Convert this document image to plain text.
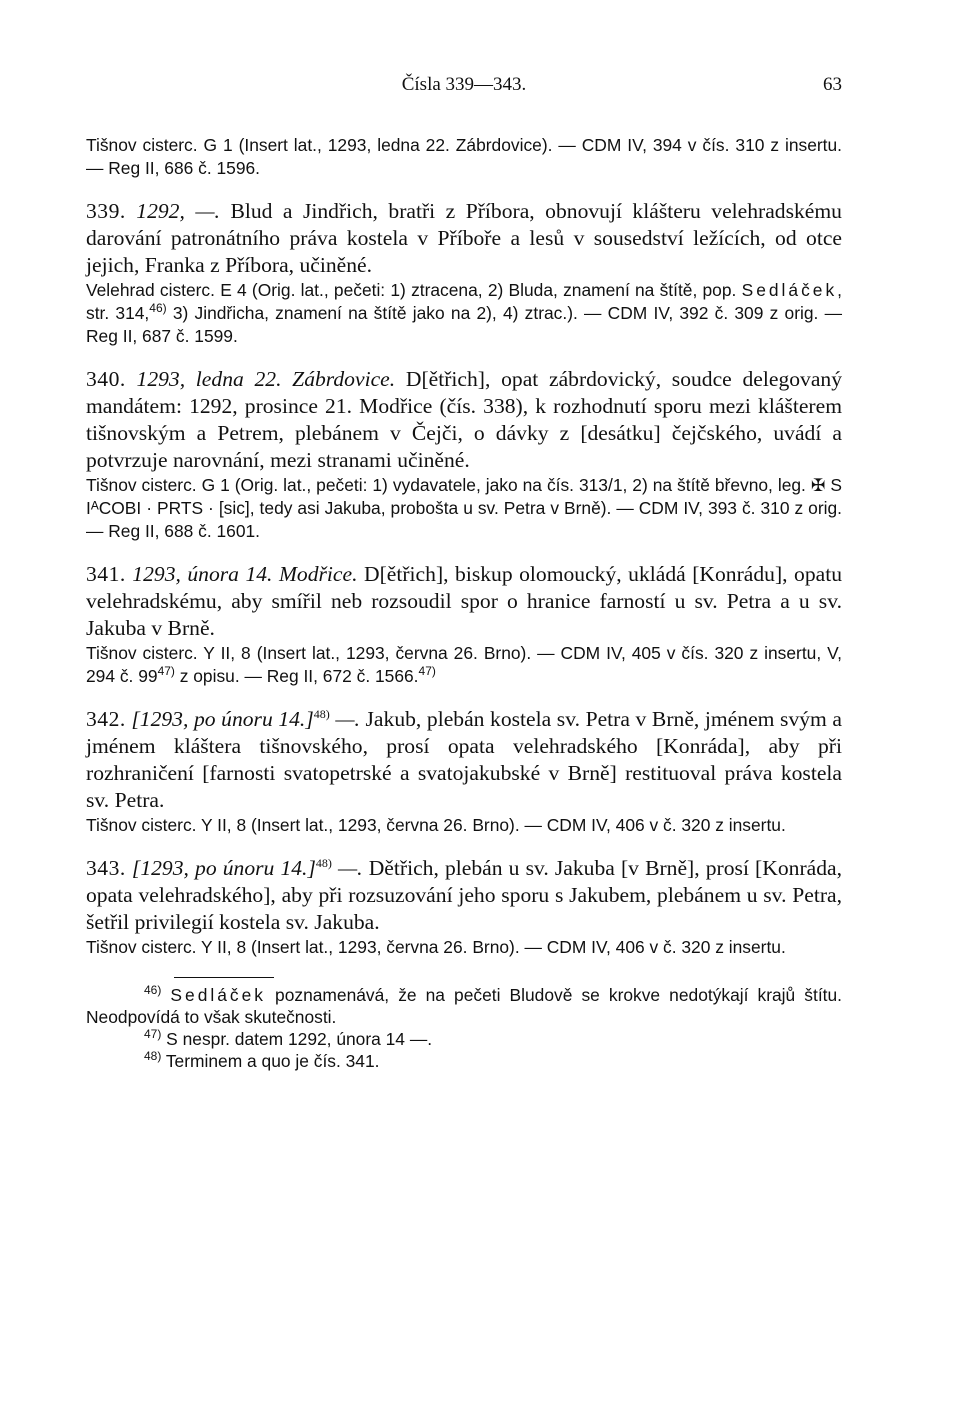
Čísla 339—343.	63
Tišnov cisterc. G 1 (Insert lat., 1293, ledna 22. Zábrdovice). — CDM IV, 394 v čís. 310 z insertu. — Reg II, 686 č. 1596.
339. 1292, —. Blud a Jindřich, bratři z Příbora, obnovují klášteru velehradskému darování patronátního práva kostela v Příboře a lesů v sousedství ležících, od otce jejich, Franka z Příbora, učiněné.
Velehrad cisterc. E 4 (Orig. lat., pečeti: 1) ztracena, 2) Bluda, znamení na štítě, pop. Sedláček, str. 314,$^{46)}$ 3) Jindřicha, znamení na štítě jako na 2), 4) ztrac.). — CDM IV, 392 č. 309 z orig. — Reg II, 687 č. 1599.
340. 1293, ledna 22. Zábrdovice. D[ětřich], opat zábrdovický, soudce delegovaný mandátem: 1292, prosince 21. Modřice (čís. 338), k rozhodnutí sporu mezi klášterem tišnovským a Petrem, plebánem v Čejči, o dávky z [desátku] čejčského, uvádí a potvrzuje narovnání, mezi stranami učiněné.
Tišnov cisterc. G 1 (Orig. lat., pečeti: 1) vydavatele, jako na čís. 313/1, 2) na štítě břevno, leg. ✠ S IᴬCOBI · PRTS · [sic], tedy asi Jakuba, probošta u sv. Petra v Brně). — CDM IV, 393 č. 310 z orig. — Reg II, 688 č. 1601.
341. 1293, února 14. Modřice. D[ětřich], biskup olomoucký, ukládá [Konrádu], opatu velehradskému, aby smířil neb rozsoudil spor o hranice farností u sv. Petra a u sv. Jakuba v Brně.
Tišnov cisterc. Y II, 8 (Insert lat., 1293, června 26. Brno). — CDM IV, 405 v čís. 320 z insertu, V, 294 č. 99$^{47)}$ z opisu. — Reg II, 672 č. 1566.$^{47)}$
342. [1293, po únoru 14.]$^{48)}$ —. Jakub, plebán kostela sv. Petra v Brně, jménem svým a jménem kláštera tišnovského, prosí opata velehradského [Konráda], aby při rozhraničení [farnosti svatopetrské a svatojakubské v Brně] restituoval práva kostela sv. Petra.
Tišnov cisterc. Y II, 8 (Insert lat., 1293, června 26. Brno). — CDM IV, 406 v č. 320 z insertu.
343. [1293, po únoru 14.]$^{48)}$ —. Dětřich, plebán u sv. Jakuba [v Brně], prosí [Konráda, opata velehradského], aby při rozsuzování jeho sporu s Jakubem, plebánem u sv. Petra, šetřil privilegií kostela sv. Jakuba.
Tišnov cisterc. Y II, 8 (Insert lat., 1293, června 26. Brno). — CDM IV, 406 v č. 320 z insertu.
$^{46)}$ Sedláček poznamenává, že na pečeti Bludově se krokve nedotýkají krajů štítu. Neodpovídá to však skutečnosti.
$^{47)}$ S nespr. datem 1292, února 14 —.
$^{48)}$ Terminem a quo je čís. 341.
